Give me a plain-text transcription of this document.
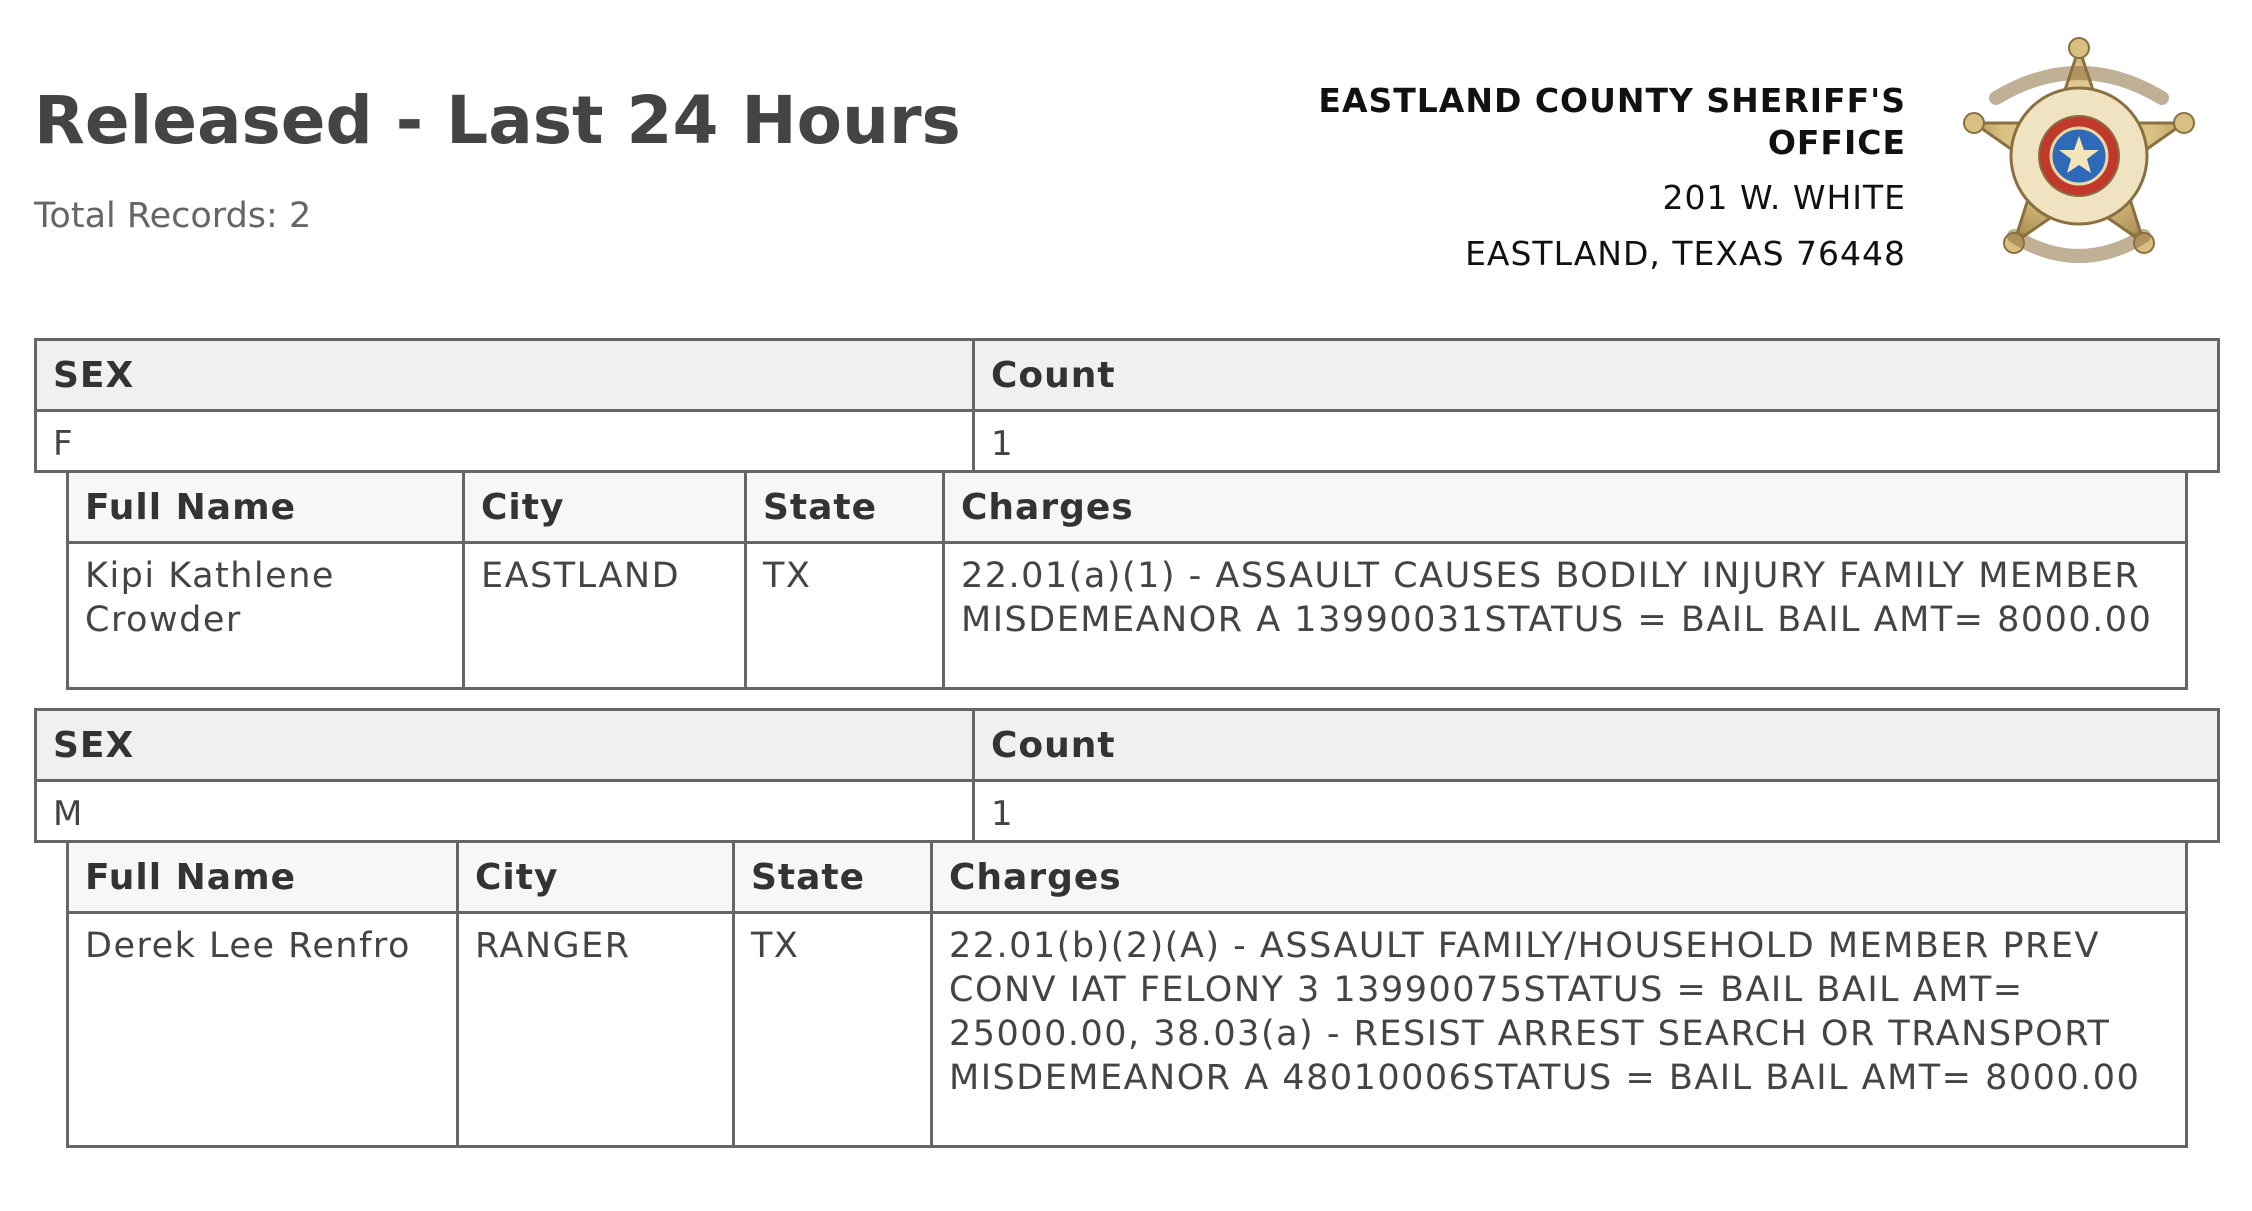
Released - Last 24 Hours
Total Records: 2
EASTLAND COUNTY SHERIFF'S
OFFICE
201 W. WHITE
EASTLAND, TEXAS 76448
SEX	Count
F	1
Full Name	City	State	Charges
Kipi Kathlene Crowder	EASTLAND	TX	22.01(a)(1) - ASSAULT CAUSES BODILY INJURY FAMILY MEMBER MISDEMEANOR A 13990031STATUS = BAIL BAIL AMT= 8000.00
SEX	Count
M	1
Full Name	City	State	Charges
Derek Lee Renfro	RANGER	TX	22.01(b)(2)(A) - ASSAULT FAMILY/HOUSEHOLD MEMBER PREV CONV IAT FELONY 3 13990075STATUS = BAIL BAIL AMT= 25000.00, 38.03(a) - RESIST ARREST SEARCH OR TRANSPORT MISDEMEANOR A 48010006STATUS = BAIL BAIL AMT= 8000.00
